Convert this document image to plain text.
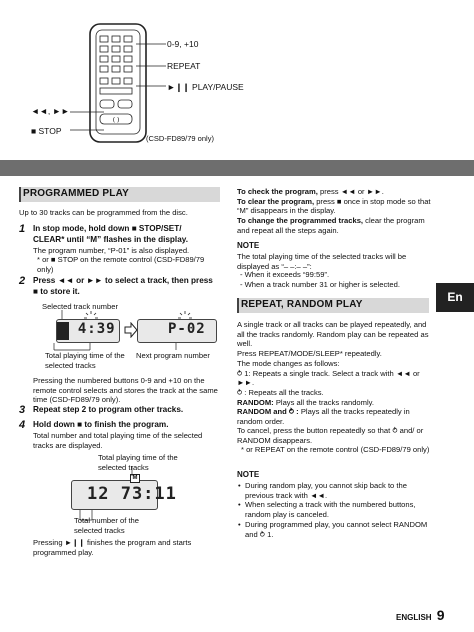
( )
0-9, +10
REPEAT
►❙❙ PLAY/PAUSE
◄◄, ►►
■ STOP
(CSD-FD89/79 only)
En
PROGRAMMED PLAY
Up to 30 tracks can be programmed from the disc.
1 In stop mode, hold down ■ STOP/SET/ CLEAR* until “M” flashes in the display.
The program number, “P-01” is also displayed.
* or ■ STOP on the remote control (CSD-FD89/79 only)
2 Press ◄◄ or ►► to select a track, then press ■ to store it.
Selected track number
3 4:39	P-02
Total playing time of the selected tracks
Next program number
Pressing the numbered buttons 0-9 and +10 on the remote control selects and stores the track at the same time (CSD-FD89/79 only).
3 Repeat step 2 to program other tracks.
4 Hold down ■ to finish the program.
Total number and total playing time of the selected tracks are displayed.
Total playing time of the selected tracks
M
12 73:11
Total number of the selected tracks
Pressing ►❙❙ finishes the program and starts programmed play.
To check the program, press ◄◄ or ►►.
To clear the program, press ■ once in stop mode so that “M” disappears in the display.
To change the programmed tracks, clear the program and repeat all the steps again.
NOTE
The total playing time of the selected tracks will be displayed as “– –:– –”:
- When it exceeds “99:59”.
- When a track number 31 or higher is selected.
REPEAT, RANDOM PLAY
A single track or all tracks can be played repeatedly, and all the tracks randomly. Random play can be repeated as well.
Press REPEAT/MODE/SLEEP* repeatedly.
The mode changes as follows:
⥁ 1: Repeats a single track. Select a track with ◄◄ or ►►.
⥁ : Repeats all the tracks.
RANDOM: Plays all the tracks randomly.
RANDOM and ⥁ : Plays all the tracks repeatedly in random order.
To cancel, press the button repeatedly so that ⥁ and/ or RANDOM disappears.
* or REPEAT on the remote control (CSD-FD89/79 only)
NOTE
• During random play, you cannot skip back to the previous track with ◄◄.
• When selecting a track with the numbered buttons, random play is canceled.
• During programmed play, you cannot select RANDOM and ⥁ 1.
ENGLISH 9
